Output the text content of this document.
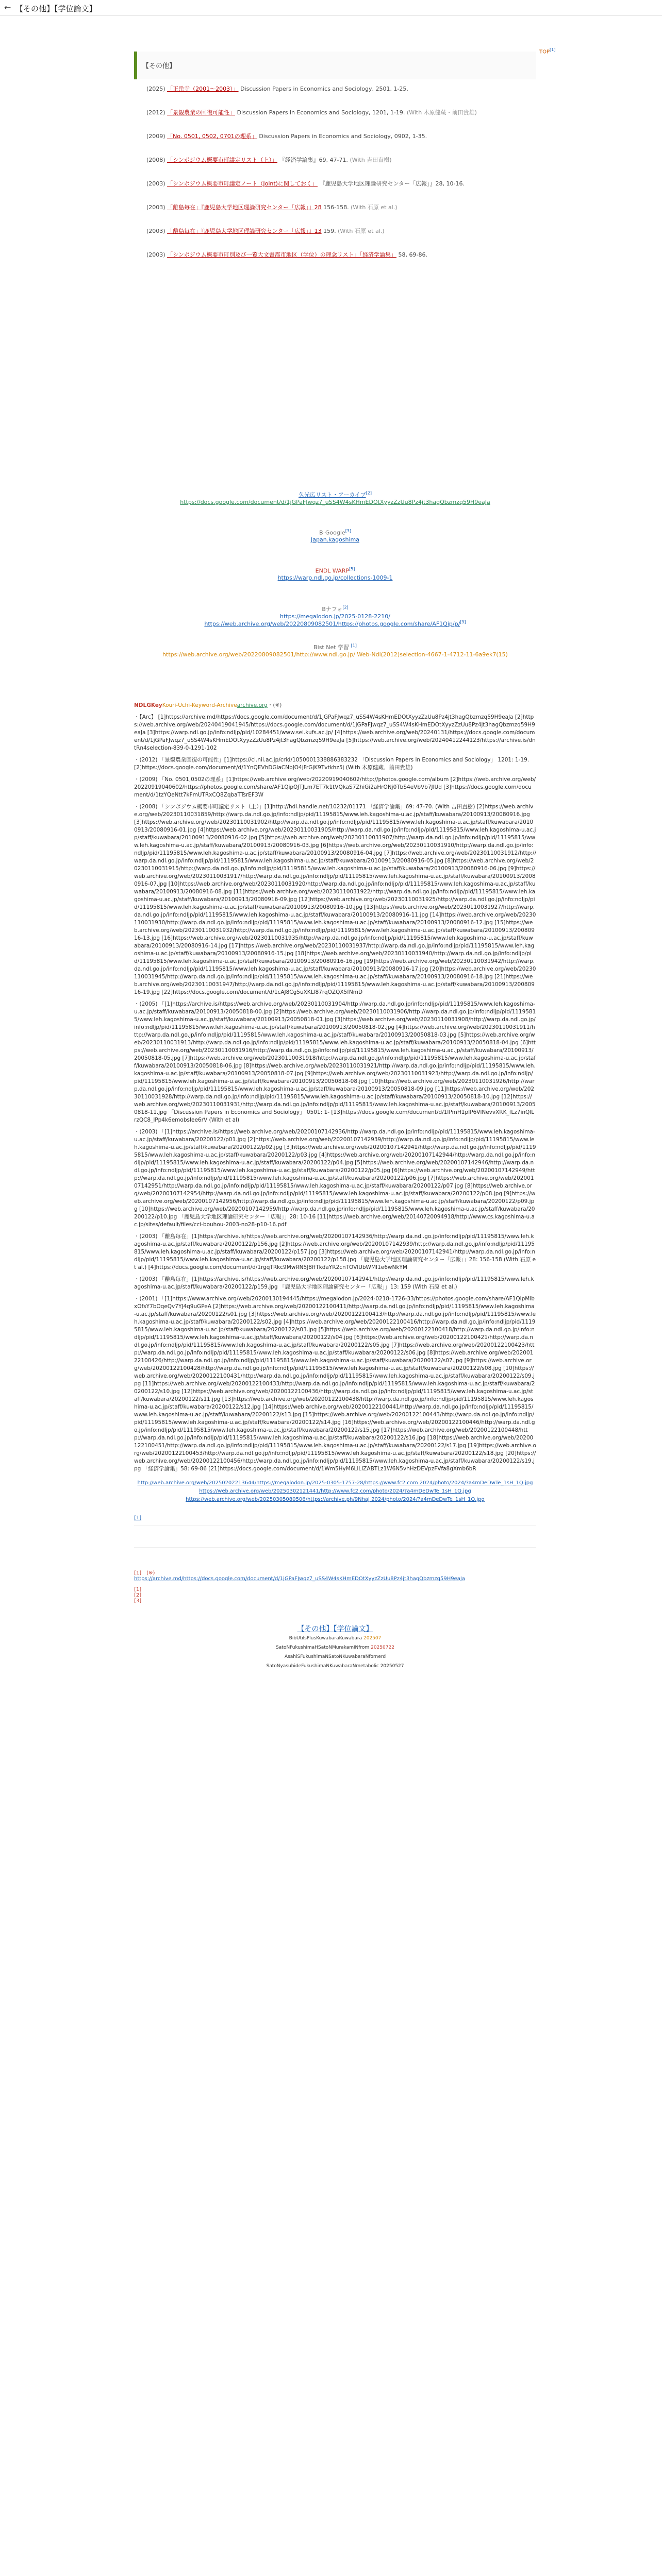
← 【その他】【学位論文】
【その他】
TOP[1]

(2025) 「正岳寺（2001〜2003）」 Discussion Papers in Economics and Sociology, 2501, 1-25.

(2012) 「景観農業の回復可能性」 Discussion Papers in Economics and Sociology, 1201, 1-19. (With 木原健蔵・前田貴雄)

(2009) 「No. 0501, 0502, 0701の理系」 Discussion Papers in Economics and Sociology, 0902, 1-35.

(2008) 「シンポジウム概要市町議定リスト（上）」 『経済学論集』69, 47-71. (With 吉田直樹)

(2003) 「シンポジウム概要市町議定ノート（Joint)に関しておく」 『鹿児島大学地区理論研究センター「広報」』28, 10-16.

(2003) 「離島毎在」『鹿児島大学地区理論研究センター「広報」』28 156-158. (With 石原 et al.)

(2003) 「離島毎在」『鹿児島大学地区理論研究センター「広報」』13 159. (With 石原 et al.)

(2003) 「シンポジウム概要市町別及び一覧大文書都市地区（学位）の理念リスト」「経済学論集」 58, 69-86.

久光広リスト・アーカイブ[2]
https://docs.google.com/document/d/1jGPaFJwqz7_uSS4W4sKHmEDOtXyyzZzUu8Pz4jt3hagQbzmzq59H9eaJa
B-Google[3]
Japan.kagoshima
ENDL WARP[5]
https://warp.ndl.go.jp/collections-1009-1
Bナフォ[2]
https://megalodon.jp/2025-0128-2210/
https://web.archive.org/web/20220809082501/https://photos.google.com/share/AF1Qip/p/[9]
Bist Net 学習 [1]
https://web.archive.org/web/20220809082501/http://www.ndl.go.jp/ Web-Ndl(2012)selection-4667-1-4712-11-6a9ek7(15)
NDLGKeyKouri-Uchi-Keyword-Archivearchive.org・(※)
・【Arc】 [1]https://archive.md/https://docs.google.com/document/d/1jGPaFJwqz7_uSS4W4sKHmEDOtXyyzZzUu8Pz4jt3hagQbzmzq59H9eaJa [2]https://web.archive.org/web/20240419041945/https://docs.google.com/document/d/1jGPaFJwqz7_uSS4W4sKHmEDOtXyyzZzUu8Pz4jt3hagQbzmzq59H9eaJa [3]https://warp.ndl.go.jp/info:ndljp/pid/10284451/www.sei.kufs.ac.jp/ [4]https://web.archive.org/web/20240131/https://docs.google.com/document/d/1jGPaFJwqz7_uSS4W4sKHmEDOtXyyzZzUu8Pz4jt3hagQbzmzq59H9eaJa [5]https://web.archive.org/web/20240412244123/https://archive.is/dntRn4selection-839-0-1291-102
・(2012) 「景観農業回復の可能性」[1]https://ci.nii.ac.jp/crid/1050001338886383232 「Discussion Papers in Economics and Sociology」 1201: 1-19. [2]https://docs.google.com/document/d/1YnQEVhDGlaCNbJO4jFrGjK9Tvtkhz5j (With 木原健蔵、前田貴雄)
・(2009) 「No. 0501,0502の理系」[1]https://web.archive.org/web/20220919040602/http://photos.google.com/album [2]https://web.archive.org/web/20220919040602/https://photos.google.com/share/AF1QipOJTJLm7ET7k1tVQkaS7ZhiGi2aHrONj0TbS4eVbVb7JlUd [3]https://docs.google.com/document/d/1tzYQeNtt7kFmUTRxCQ8ZqbaTTsrEF3W
・(2008) 「シンポジウム概要市町議定リスト（上）」[1]http://hdl.handle.net/10232/01171 「経済学論集」69: 47-70. (With 吉田直樹) [2]https://web.archive.org/web/20230110031859/http://warp.da.ndl.go.jp/info:ndljp/pid/11195815/www.leh.kagoshima-u.ac.jp/staff/kuwabara/20100913/20080916.jpg [3]https://web.archive.org/web/20230110031902/http://warp.da.ndl.go.jp/info:ndljp/pid/11195815/www.leh.kagoshima-u.ac.jp/staff/kuwabara/20100913/20080916-01.jpg [4]https://web.archive.org/web/20230110031905/http://warp.da.ndl.go.jp/info:ndljp/pid/11195815/www.leh.kagoshima-u.ac.jp/staff/kuwabara/20100913/20080916-02.jpg [5]https://web.archive.org/web/20230110031907/http://warp.da.ndl.go.jp/info:ndljp/pid/11195815/www.leh.kagoshima-u.ac.jp/staff/kuwabara/20100913/20080916-03.jpg [6]https://web.archive.org/web/20230110031910/http://warp.da.ndl.go.jp/info:ndljp/pid/11195815/www.leh.kagoshima-u.ac.jp/staff/kuwabara/20100913/20080916-04.jpg [7]https://web.archive.org/web/20230110031912/http://warp.da.ndl.go.jp/info:ndljp/pid/11195815/www.leh.kagoshima-u.ac.jp/staff/kuwabara/20100913/20080916-05.jpg [8]https://web.archive.org/web/20230110031915/http://warp.da.ndl.go.jp/info:ndljp/pid/11195815/www.leh.kagoshima-u.ac.jp/staff/kuwabara/20100913/20080916-06.jpg [9]https://web.archive.org/web/20230110031917/http://warp.da.ndl.go.jp/info:ndljp/pid/11195815/www.leh.kagoshima-u.ac.jp/staff/kuwabara/20100913/20080916-07.jpg [10]https://web.archive.org/web/20230110031920/http://warp.da.ndl.go.jp/info:ndljp/pid/11195815/www.leh.kagoshima-u.ac.jp/staff/kuwabara/20100913/20080916-08.jpg [11]https://web.archive.org/web/20230110031922/http://warp.da.ndl.go.jp/info:ndljp/pid/11195815/www.leh.kagoshima-u.ac.jp/staff/kuwabara/20100913/20080916-09.jpg [12]https://web.archive.org/web/20230110031925/http://warp.da.ndl.go.jp/info:ndljp/pid/11195815/www.leh.kagoshima-u.ac.jp/staff/kuwabara/20100913/20080916-10.jpg [13]https://web.archive.org/web/20230110031927/http://warp.da.ndl.go.jp/info:ndljp/pid/11195815/www.leh.kagoshima-u.ac.jp/staff/kuwabara/20100913/20080916-11.jpg [14]https://web.archive.org/web/20230110031930/http://warp.da.ndl.go.jp/info:ndljp/pid/11195815/www.leh.kagoshima-u.ac.jp/staff/kuwabara/20100913/20080916-12.jpg [15]https://web.archive.org/web/20230110031932/http://warp.da.ndl.go.jp/info:ndljp/pid/11195815/www.leh.kagoshima-u.ac.jp/staff/kuwabara/20100913/20080916-13.jpg [16]https://web.archive.org/web/20230110031935/http://warp.da.ndl.go.jp/info:ndljp/pid/11195815/www.leh.kagoshima-u.ac.jp/staff/kuwabara/20100913/20080916-14.jpg [17]https://web.archive.org/web/20230110031937/http://warp.da.ndl.go.jp/info:ndljp/pid/11195815/www.leh.kagoshima-u.ac.jp/staff/kuwabara/20100913/20080916-15.jpg [18]https://web.archive.org/web/20230110031940/http://warp.da.ndl.go.jp/info:ndljp/pid/11195815/www.leh.kagoshima-u.ac.jp/staff/kuwabara/20100913/20080916-16.jpg [19]https://web.archive.org/web/20230110031942/http://warp.da.ndl.go.jp/info:ndljp/pid/11195815/www.leh.kagoshima-u.ac.jp/staff/kuwabara/20100913/20080916-17.jpg [20]https://web.archive.org/web/20230110031945/http://warp.da.ndl.go.jp/info:ndljp/pid/11195815/www.leh.kagoshima-u.ac.jp/staff/kuwabara/20100913/20080916-18.jpg [21]https://web.archive.org/web/20230110031947/http://warp.da.ndl.go.jp/info:ndljp/pid/11195815/www.leh.kagoshima-u.ac.jp/staff/kuwabara/20100913/20080916-19.jpg [22]https://docs.google.com/document/d/1cAJ8Cg5uXKLl87rqOZQX5fNmD
・(2005) 「[1]https://archive.is/https://web.archive.org/web/20230110031904/http://warp.da.ndl.go.jp/info:ndljp/pid/11195815/www.leh.kagoshima-u.ac.jp/staff/kuwabara/20100913/20050818-00.jpg [2]https://web.archive.org/web/20230110031906/http://warp.da.ndl.go.jp/info:ndljp/pid/11195815/www.leh.kagoshima-u.ac.jp/staff/kuwabara/20100913/20050818-01.jpg [3]https://web.archive.org/web/20230110031908/http://warp.da.ndl.go.jp/info:ndljp/pid/11195815/www.leh.kagoshima-u.ac.jp/staff/kuwabara/20100913/20050818-02.jpg [4]https://web.archive.org/web/20230110031911/http://warp.da.ndl.go.jp/info:ndljp/pid/11195815/www.leh.kagoshima-u.ac.jp/staff/kuwabara/20100913/20050818-03.jpg [5]https://web.archive.org/web/20230110031913/http://warp.da.ndl.go.jp/info:ndljp/pid/11195815/www.leh.kagoshima-u.ac.jp/staff/kuwabara/20100913/20050818-04.jpg [6]https://web.archive.org/web/20230110031916/http://warp.da.ndl.go.jp/info:ndljp/pid/11195815/www.leh.kagoshima-u.ac.jp/staff/kuwabara/20100913/20050818-05.jpg [7]https://web.archive.org/web/20230110031918/http://warp.da.ndl.go.jp/info:ndljp/pid/11195815/www.leh.kagoshima-u.ac.jp/staff/kuwabara/20100913/20050818-06.jpg [8]https://web.archive.org/web/20230110031921/http://warp.da.ndl.go.jp/info:ndljp/pid/11195815/www.leh.kagoshima-u.ac.jp/staff/kuwabara/20100913/20050818-07.jpg [9]https://web.archive.org/web/20230110031923/http://warp.da.ndl.go.jp/info:ndljp/pid/11195815/www.leh.kagoshima-u.ac.jp/staff/kuwabara/20100913/20050818-08.jpg [10]https://web.archive.org/web/20230110031926/http://warp.da.ndl.go.jp/info:ndljp/pid/11195815/www.leh.kagoshima-u.ac.jp/staff/kuwabara/20100913/20050818-09.jpg [11]https://web.archive.org/web/20230110031928/http://warp.da.ndl.go.jp/info:ndljp/pid/11195815/www.leh.kagoshima-u.ac.jp/staff/kuwabara/20100913/20050818-10.jpg [12]https://web.archive.org/web/20230110031931/http://warp.da.ndl.go.jp/info:ndljp/pid/11195815/www.leh.kagoshima-u.ac.jp/staff/kuwabara/20100913/20050818-11.jpg 「Discussion Papers in Economics and Sociology」 0501: 1- [13]https://docs.google.com/document/d/1lPmH1pIP6VlNevvXRK_fLz7inQlLrzQC8_lPp4k6emobsIee6rV (With et al)
・(2003) 「[1]https://archive.is/https://web.archive.org/web/20200107142936/http://warp.da.ndl.go.jp/info:ndljp/pid/11195815/www.leh.kagoshima-u.ac.jp/staff/kuwabara/20200122/p01.jpg [2]https://web.archive.org/web/20200107142939/http://warp.da.ndl.go.jp/info:ndljp/pid/11195815/www.leh.kagoshima-u.ac.jp/staff/kuwabara/20200122/p02.jpg [3]https://web.archive.org/web/20200107142941/http://warp.da.ndl.go.jp/info:ndljp/pid/11195815/www.leh.kagoshima-u.ac.jp/staff/kuwabara/20200122/p03.jpg [4]https://web.archive.org/web/20200107142944/http://warp.da.ndl.go.jp/info:ndljp/pid/11195815/www.leh.kagoshima-u.ac.jp/staff/kuwabara/20200122/p04.jpg [5]https://web.archive.org/web/20200107142946/http://warp.da.ndl.go.jp/info:ndljp/pid/11195815/www.leh.kagoshima-u.ac.jp/staff/kuwabara/20200122/p05.jpg [6]https://web.archive.org/web/20200107142949/http://warp.da.ndl.go.jp/info:ndljp/pid/11195815/www.leh.kagoshima-u.ac.jp/staff/kuwabara/20200122/p06.jpg [7]https://web.archive.org/web/20200107142951/http://warp.da.ndl.go.jp/info:ndljp/pid/11195815/www.leh.kagoshima-u.ac.jp/staff/kuwabara/20200122/p07.jpg [8]https://web.archive.org/web/20200107142954/http://warp.da.ndl.go.jp/info:ndljp/pid/11195815/www.leh.kagoshima-u.ac.jp/staff/kuwabara/20200122/p08.jpg [9]https://web.archive.org/web/20200107142956/http://warp.da.ndl.go.jp/info:ndljp/pid/11195815/www.leh.kagoshima-u.ac.jp/staff/kuwabara/20200122/p09.jpg [10]https://web.archive.org/web/20200107142959/http://warp.da.ndl.go.jp/info:ndljp/pid/11195815/www.leh.kagoshima-u.ac.jp/staff/kuwabara/20200122/p10.jpg 「鹿児島大学地区理論研究センター「広報」」28: 10-16 [11]https://web.archive.org/web/20140720094918/http://www.cs.kagoshima-u.ac.jp/sites/default/files/cci-bouhou-2003-no28-p10-16.pdf
・(2003) 「離島毎在」[1]https://archive.is/https://web.archive.org/web/20200107142936/http://warp.da.ndl.go.jp/info:ndljp/pid/11195815/www.leh.kagoshima-u.ac.jp/staff/kuwabara/20200122/p156.jpg [2]https://web.archive.org/web/20200107142939/http://warp.da.ndl.go.jp/info:ndljp/pid/11195815/www.leh.kagoshima-u.ac.jp/staff/kuwabara/20200122/p157.jpg [3]https://web.archive.org/web/20200107142941/http://warp.da.ndl.go.jp/info:ndljp/pid/11195815/www.leh.kagoshima-u.ac.jp/staff/kuwabara/20200122/p158.jpg 「鹿児島大学地区理論研究センター「広報」」28: 156-158 (With 石原 et al.) [4]https://docs.google.com/document/d/1rgqTRkc9MwRN5J8ffTkdaYR2cnTOVlUbWMI1e6wNkYM
・(2003) 「離島毎在」[1]https://archive.is/https://web.archive.org/web/20200107142941/http://warp.da.ndl.go.jp/info:ndljp/pid/11195815/www.leh.kagoshima-u.ac.jp/staff/kuwabara/20200122/p159.jpg 「鹿児島大学地区理論研究センター「広報」」13: 159 (With 石原 et al.)
・(2001) 「[1]https://www.archive.org/web/20200130194445/https://megalodon.jp/2024-0218-1726-33/https://photos.google.com/share/AF1QipMlbxOfsY7bOqeQv7YJ4q9uGPeA [2]https://web.archive.org/web/20200122100411/http://warp.da.ndl.go.jp/info:ndljp/pid/11195815/www.leh.kagoshima-u.ac.jp/staff/kuwabara/20200122/s01.jpg [3]https://web.archive.org/web/20200122100413/http://warp.da.ndl.go.jp/info:ndljp/pid/11195815/www.leh.kagoshima-u.ac.jp/staff/kuwabara/20200122/s02.jpg [4]https://web.archive.org/web/20200122100416/http://warp.da.ndl.go.jp/info:ndljp/pid/11195815/www.leh.kagoshima-u.ac.jp/staff/kuwabara/20200122/s03.jpg [5]https://web.archive.org/web/20200122100418/http://warp.da.ndl.go.jp/info:ndljp/pid/11195815/www.leh.kagoshima-u.ac.jp/staff/kuwabara/20200122/s04.jpg [6]https://web.archive.org/web/20200122100421/http://warp.da.ndl.go.jp/info:ndljp/pid/11195815/www.leh.kagoshima-u.ac.jp/staff/kuwabara/20200122/s05.jpg [7]https://web.archive.org/web/20200122100423/http://warp.da.ndl.go.jp/info:ndljp/pid/11195815/www.leh.kagoshima-u.ac.jp/staff/kuwabara/20200122/s06.jpg [8]https://web.archive.org/web/20200122100426/http://warp.da.ndl.go.jp/info:ndljp/pid/11195815/www.leh.kagoshima-u.ac.jp/staff/kuwabara/20200122/s07.jpg [9]https://web.archive.org/web/20200122100428/http://warp.da.ndl.go.jp/info:ndljp/pid/11195815/www.leh.kagoshima-u.ac.jp/staff/kuwabara/20200122/s08.jpg [10]https://web.archive.org/web/20200122100431/http://warp.da.ndl.go.jp/info:ndljp/pid/11195815/www.leh.kagoshima-u.ac.jp/staff/kuwabara/20200122/s09.jpg [11]https://web.archive.org/web/20200122100433/http://warp.da.ndl.go.jp/info:ndljp/pid/11195815/www.leh.kagoshima-u.ac.jp/staff/kuwabara/20200122/s10.jpg [12]https://web.archive.org/web/20200122100436/http://warp.da.ndl.go.jp/info:ndljp/pid/11195815/www.leh.kagoshima-u.ac.jp/staff/kuwabara/20200122/s11.jpg [13]https://web.archive.org/web/20200122100438/http://warp.da.ndl.go.jp/info:ndljp/pid/11195815/www.leh.kagoshima-u.ac.jp/staff/kuwabara/20200122/s12.jpg [14]https://web.archive.org/web/20200122100441/http://warp.da.ndl.go.jp/info:ndljp/pid/11195815/www.leh.kagoshima-u.ac.jp/staff/kuwabara/20200122/s13.jpg [15]https://web.archive.org/web/20200122100443/http://warp.da.ndl.go.jp/info:ndljp/pid/11195815/www.leh.kagoshima-u.ac.jp/staff/kuwabara/20200122/s14.jpg [16]https://web.archive.org/web/20200122100446/http://warp.da.ndl.go.jp/info:ndljp/pid/11195815/www.leh.kagoshima-u.ac.jp/staff/kuwabara/20200122/s15.jpg [17]https://web.archive.org/web/20200122100448/http://warp.da.ndl.go.jp/info:ndljp/pid/11195815/www.leh.kagoshima-u.ac.jp/staff/kuwabara/20200122/s16.jpg [18]https://web.archive.org/web/20200122100451/http://warp.da.ndl.go.jp/info:ndljp/pid/11195815/www.leh.kagoshima-u.ac.jp/staff/kuwabara/20200122/s17.jpg [19]https://web.archive.org/web/20200122100453/http://warp.da.ndl.go.jp/info:ndljp/pid/11195815/www.leh.kagoshima-u.ac.jp/staff/kuwabara/20200122/s18.jpg [20]https://web.archive.org/web/20200122100456/http://warp.da.ndl.go.jp/info:ndljp/pid/11195815/www.leh.kagoshima-u.ac.jp/staff/kuwabara/20200122/s19.jpg 「経済学論集」58: 69-86 [21]https://docs.google.com/document/d/1Wm5HyM6LlLIZABTLz1W6N5vhHzDEVpzFVfa8gXmb6bR
http://web.archive.org/web/20250202213644/https://megalodon.jp/2025-0305-1757-28/https://www.fc2.com 2024/photo/2024/?a4mDeDwTe_1sH_1Q.jpg
https://web.archive.org/web/20250302121441/http://www.fc2.com/photo/2024/?a4mDeDwTe_1sH_1Q.jpg
https://web.archive.org/web/20250305080506/https://archive.ph/9NhaJ 2024/photo/2024/?a4mDeDwTe_1sH_1Q.jpg
[1]
[1]　(※)
https://archive.md/https://docs.google.com/document/d/1jGPaFJwqz7_uSS4W4sKHmEDOtXyyzZzUu8Pz4jt3hagQbzmzq59H9eaJa
[1]
[2]
[3]
【その他】【学位論文】
BibUtilsPlusKuwabaraKuwabara 202507
SatoNFukushimaHSatoNMurakamiNfrom 20250722
AsahiSFukushimaNSatoNKuwabaraNfornerd
SatoNyasuhideFukushimaNKuwabaraNmetabolic 20250527
